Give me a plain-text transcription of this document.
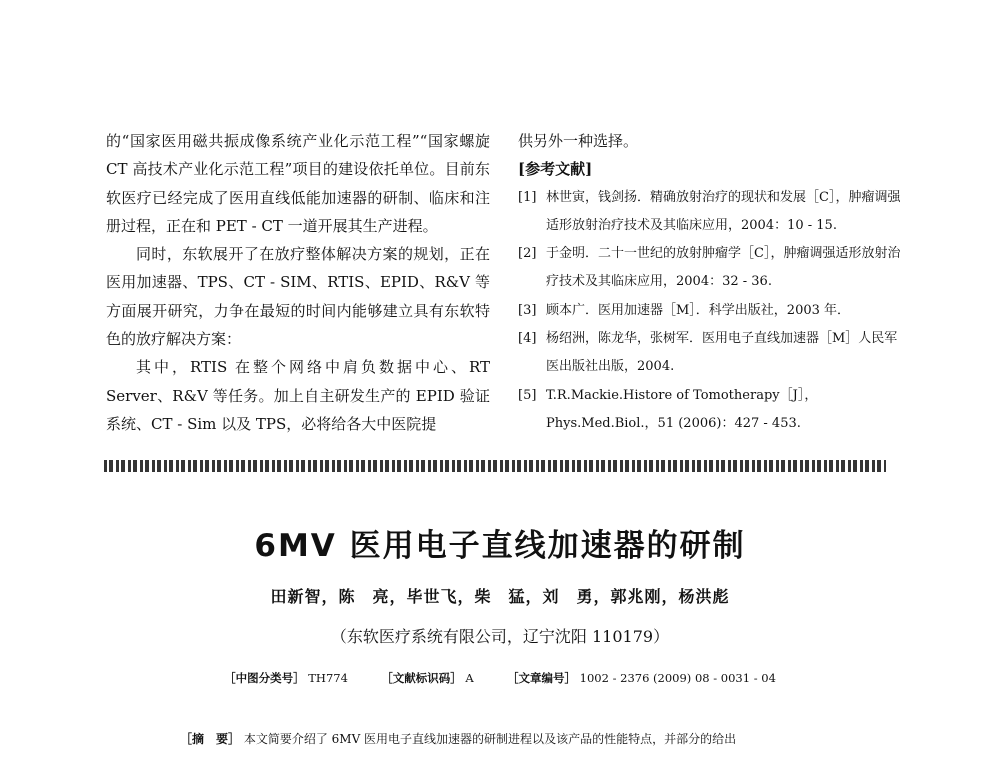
的“国家医用磁共振成像系统产业化示范工程”“国家螺旋 CT 高技术产业化示范工程”项目的建设依托单位。目前东软医疗已经完成了医用直线低能加速器的研制、临床和注册过程，正在和 PET - CT 一道开展其生产进程。

同时，东软展开了在放疗整体解决方案的规划，正在医用加速器、TPS、CT - SIM、RTIS、EPID、R&V 等方面展开研究，力争在最短的时间内能够建立具有东软特色的放疗解决方案：

其中，RTIS 在整个网络中肩负数据中心、RT Server、R&V 等任务。加上自主研发生产的 EPID 验证系统、CT - Sim 以及 TPS，必将给各大中医院提

供另外一种选择。

[参考文献]

[1] 林世寅，钱剑扬．精确放射治疗的现状和发展［C］，肿瘤调强适形放射治疗技术及其临床应用，2004：10 - 15.
[2] 于金明．二十一世纪的放射肿瘤学［C］，肿瘤调强适形放射治疗技术及其临床应用，2004：32 - 36.
[3] 顾本广．医用加速器［M］．科学出版社，2003 年．
[4] 杨绍洲，陈龙华，张树军．医用电子直线加速器［M］人民军医出版社出版，2004.
[5] T.R.Mackie.Histore of Tomotherapy［J］，Phys.Med.Biol.，51 (2006)：427 - 453.
6MV 医用电子直线加速器的研制
田新智，陈　亮，毕世飞，柴　猛，刘　勇，郭兆刚，杨洪彪
（东软医疗系统有限公司，辽宁沈阳 110179）
［中图分类号］ TH774	［文献标识码］ A	［文章编号］ 1002 - 2376 (2009) 08 - 0031 - 04
［摘　要］ 本文简要介绍了 6MV 医用电子直线加速器的研制进程以及该产品的性能特点，并部分的给出
